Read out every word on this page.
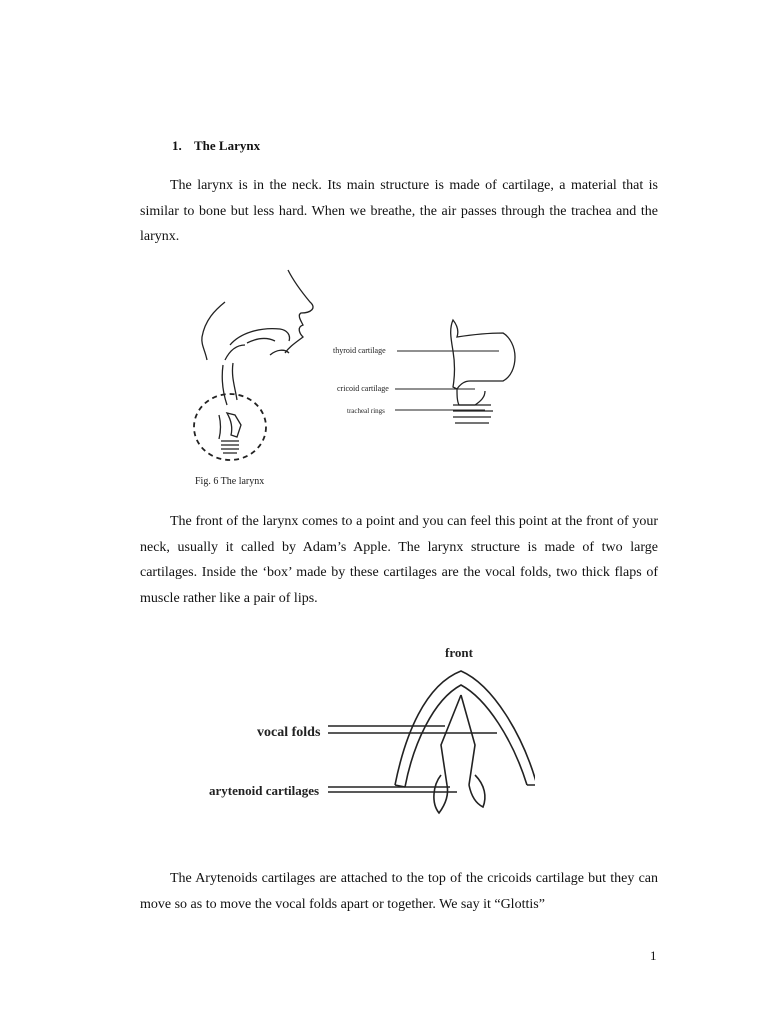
1. The Larynx

The larynx is in the neck. Its main structure is made of cartilage, a material that is similar to bone but less hard. When we breathe, the air passes through the trachea and the larynx.

thyroid cartilage
cricoid cartilage
tracheal rings
Fig. 6 The larynx

The front of the larynx comes to a point and you can feel this point at the front of your neck, usually it called by Adam’s Apple. The larynx structure is made of two large cartilages. Inside the ‘box’ made by these cartilages are the vocal folds, two thick flaps of muscle rather like a pair of lips.

front
vocal folds
arytenoid cartilages

The Arytenoids cartilages are attached to the top of the cricoids cartilage but they can move so as to move the vocal folds apart or together. We say it “Glottis”

1
